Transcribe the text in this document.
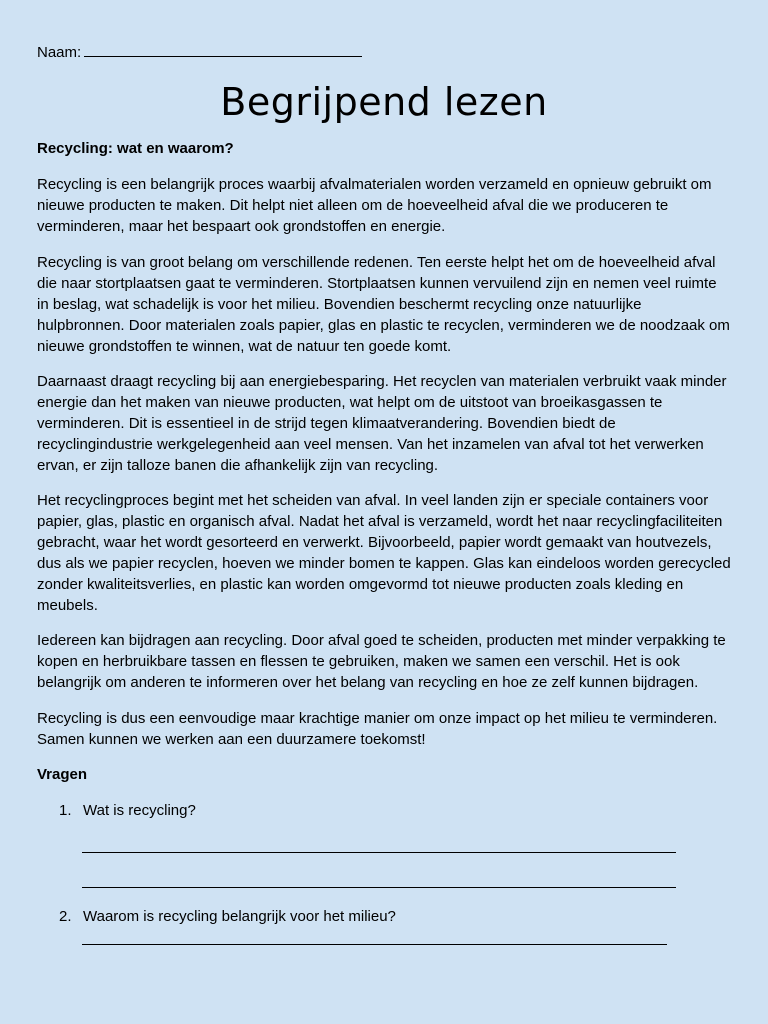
Naam:
Begrijpend lezen
Recycling: wat en waarom?

Recycling is een belangrijk proces waarbij afvalmaterialen worden verzameld en opnieuw gebruikt om nieuwe producten te maken. Dit helpt niet alleen om de hoeveelheid afval die we produceren te verminderen, maar het bespaart ook grondstoffen en energie.

Recycling is van groot belang om verschillende redenen. Ten eerste helpt het om de hoeveelheid afval die naar stortplaatsen gaat te verminderen. Stortplaatsen kunnen vervuilend zijn en nemen veel ruimte in beslag, wat schadelijk is voor het milieu. Bovendien beschermt recycling onze natuurlijke hulpbronnen. Door materialen zoals papier, glas en plastic te recyclen, verminderen we de noodzaak om nieuwe grondstoffen te winnen, wat de natuur ten goede komt.

Daarnaast draagt recycling bij aan energiebesparing. Het recyclen van materialen verbruikt vaak minder energie dan het maken van nieuwe producten, wat helpt om de uitstoot van broeikasgassen te verminderen. Dit is essentieel in de strijd tegen klimaatverandering. Bovendien biedt de recyclingindustrie werkgelegenheid aan veel mensen. Van het inzamelen van afval tot het verwerken ervan, er zijn talloze banen die afhankelijk zijn van recycling.

Het recyclingproces begint met het scheiden van afval. In veel landen zijn er speciale containers voor papier, glas, plastic en organisch afval. Nadat het afval is verzameld, wordt het naar recyclingfaciliteiten gebracht, waar het wordt gesorteerd en verwerkt. Bijvoorbeeld, papier wordt gemaakt van houtvezels, dus als we papier recyclen, hoeven we minder bomen te kappen. Glas kan eindeloos worden gerecycled zonder kwaliteitsverlies, en plastic kan worden omgevormd tot nieuwe producten zoals kleding en meubels.

Iedereen kan bijdragen aan recycling. Door afval goed te scheiden, producten met minder verpakking te kopen en herbruikbare tassen en flessen te gebruiken, maken we samen een verschil. Het is ook belangrijk om anderen te informeren over het belang van recycling en hoe ze zelf kunnen bijdragen.

Recycling is dus een eenvoudige maar krachtige manier om onze impact op het milieu te verminderen. Samen kunnen we werken aan een duurzamere toekomst!

Vragen
1. Wat is recycling?
2. Waarom is recycling belangrijk voor het milieu?
